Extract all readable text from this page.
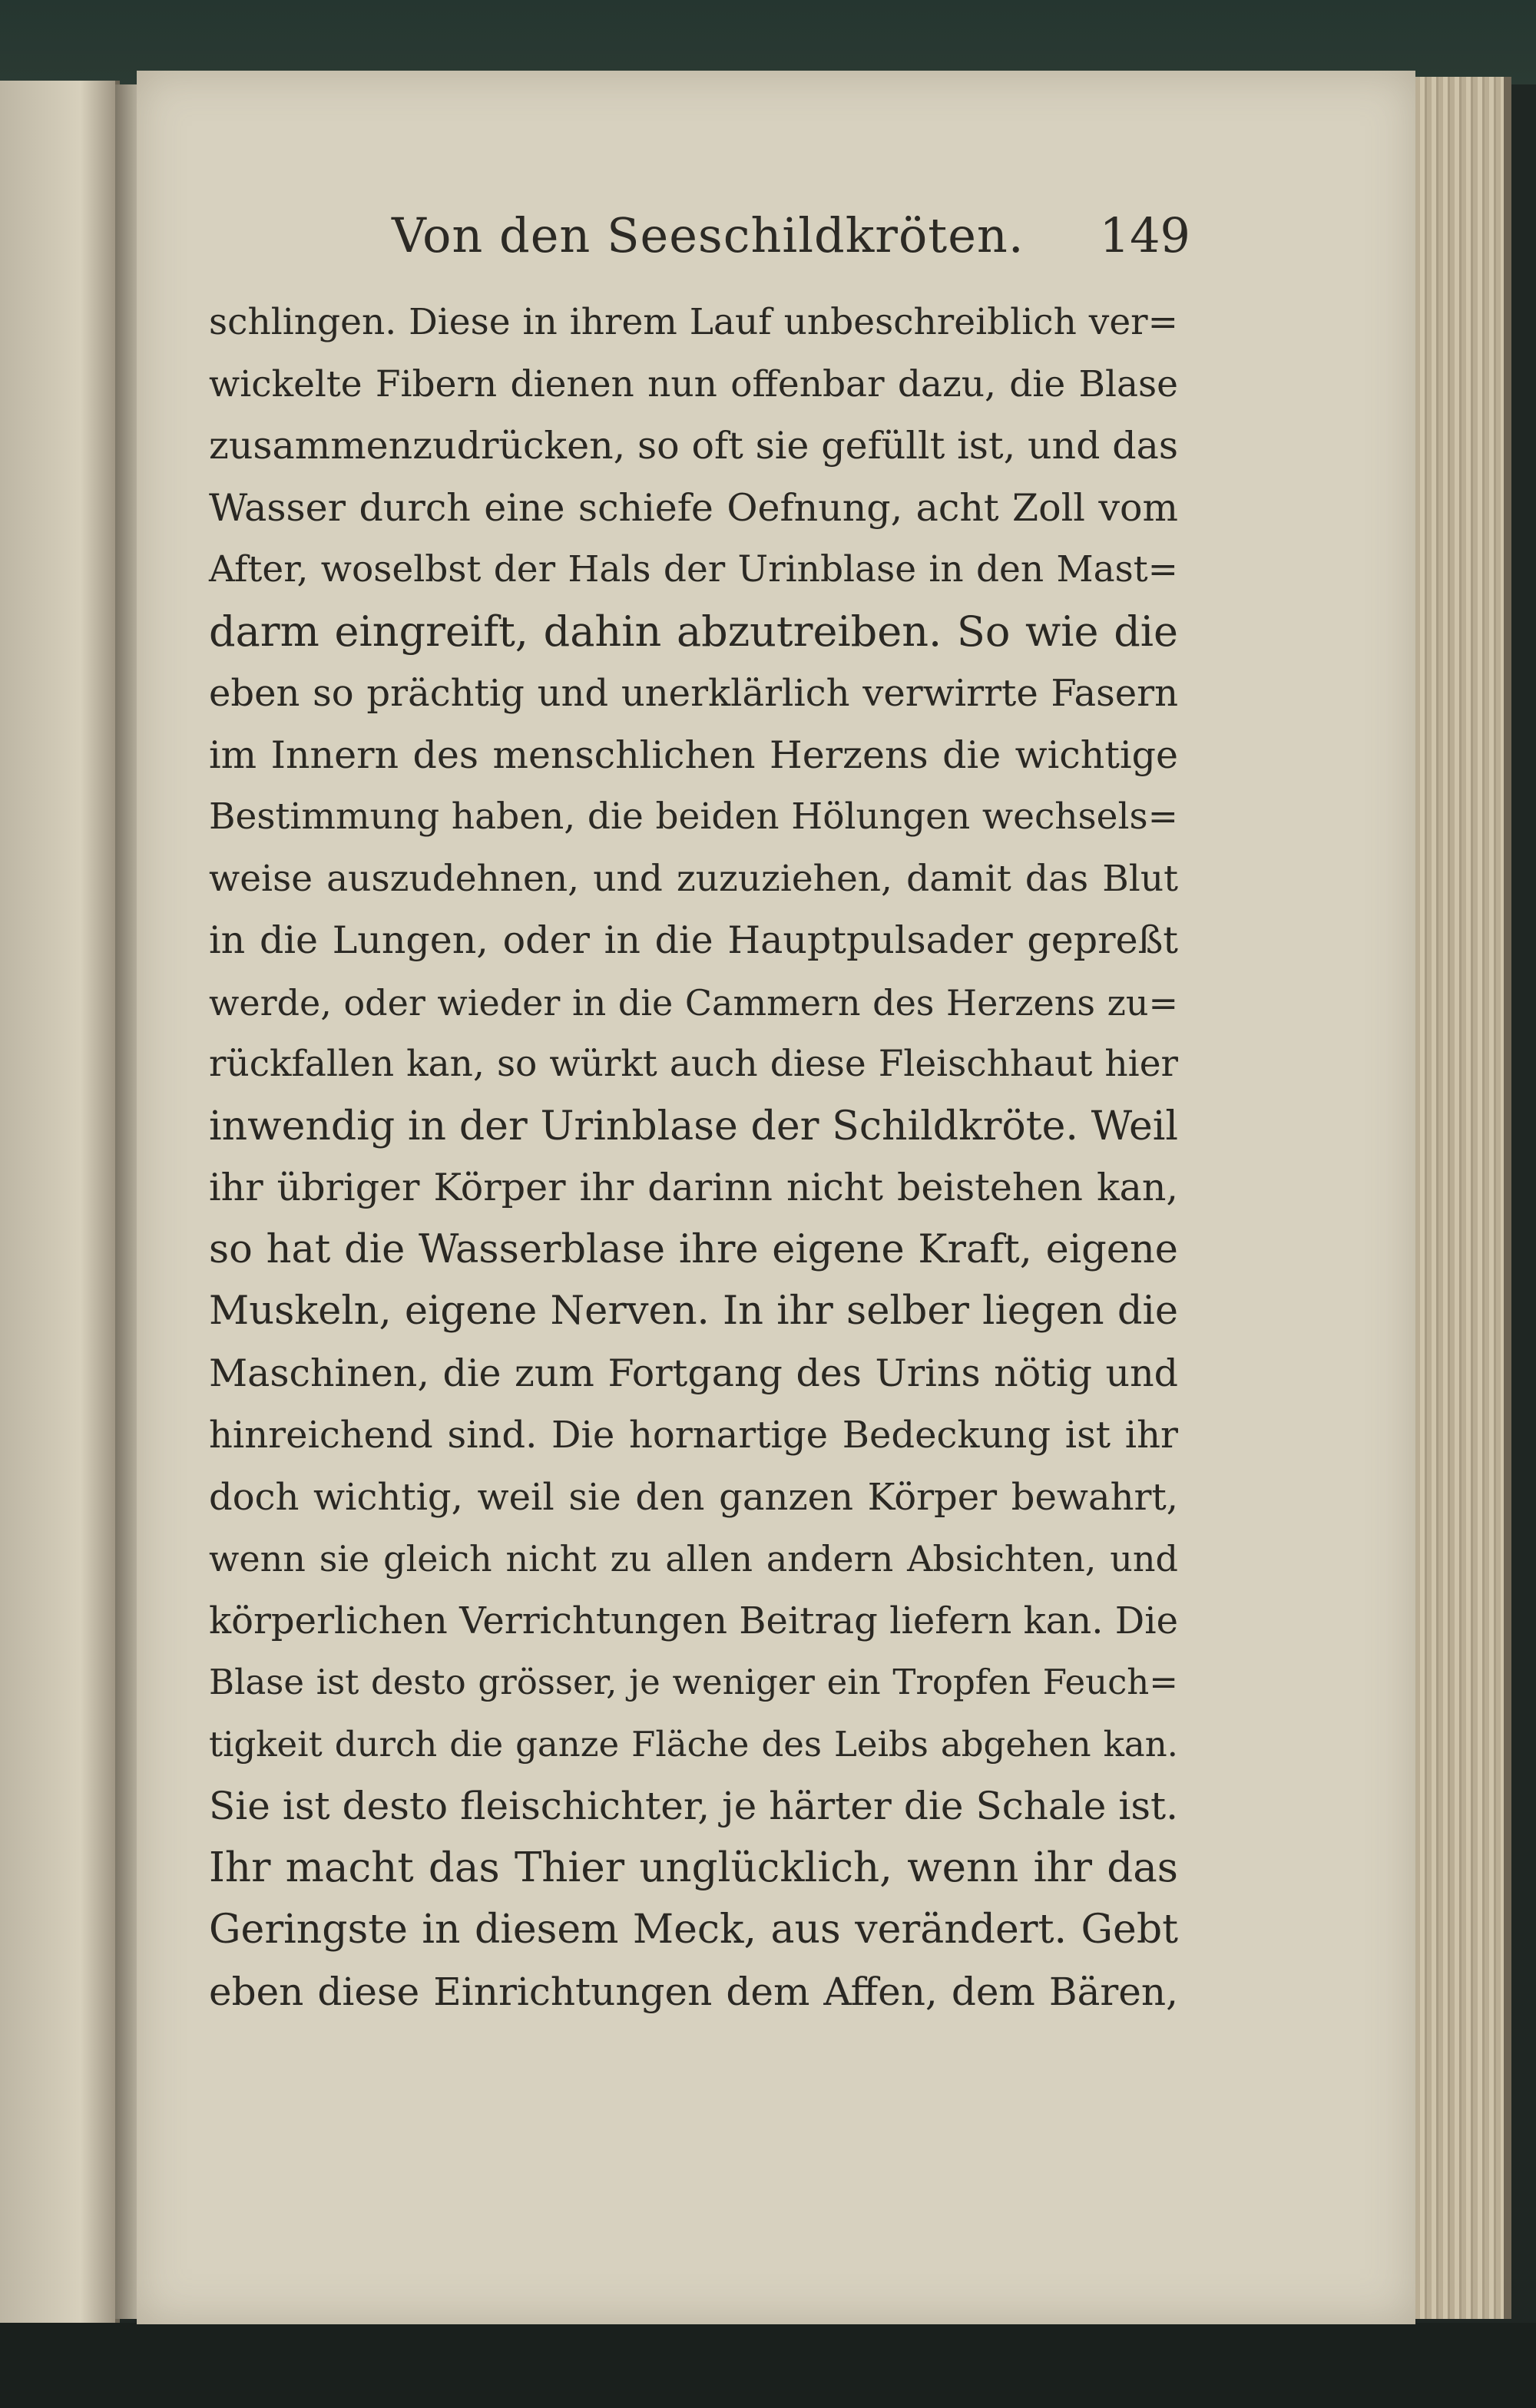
Von den Seeschildkröten. 149
schlingen. Diese in ihrem Lauf unbeschreiblich ver=
wickelte Fibern dienen nun offenbar dazu, die Blase
zusammenzudrücken, so oft sie gefüllt ist, und das
Wasser durch eine schiefe Oefnung, acht Zoll vom
After, woselbst der Hals der Urinblase in den Mast=
darm eingreift, dahin abzutreiben. So wie die
eben so prächtig und unerklärlich verwirrte Fasern
im Innern des menschlichen Herzens die wichtige
Bestimmung haben, die beiden Hölungen wechsels=
weise auszudehnen, und zuzuziehen, damit das Blut
in die Lungen, oder in die Hauptpulsader gepreßt
werde, oder wieder in die Cammern des Herzens zu=
rückfallen kan, so würkt auch diese Fleischhaut hier
inwendig in der Urinblase der Schildkröte. Weil
ihr übriger Körper ihr darinn nicht beistehen kan,
so hat die Wasserblase ihre eigene Kraft, eigene
Muskeln, eigene Nerven. In ihr selber liegen die
Maschinen, die zum Fortgang des Urins nötig und
hinreichend sind. Die hornartige Bedeckung ist ihr
doch wichtig, weil sie den ganzen Körper bewahrt,
wenn sie gleich nicht zu allen andern Absichten, und
körperlichen Verrichtungen Beitrag liefern kan. Die
Blase ist desto grösser, je weniger ein Tropfen Feuch=
tigkeit durch die ganze Fläche des Leibs abgehen kan.
Sie ist desto fleischichter, je härter die Schale ist.
Ihr macht das Thier unglücklich, wenn ihr das
Geringste in diesem Meck, aus verändert. Gebt
eben diese Einrichtungen dem Affen, dem Bären,
